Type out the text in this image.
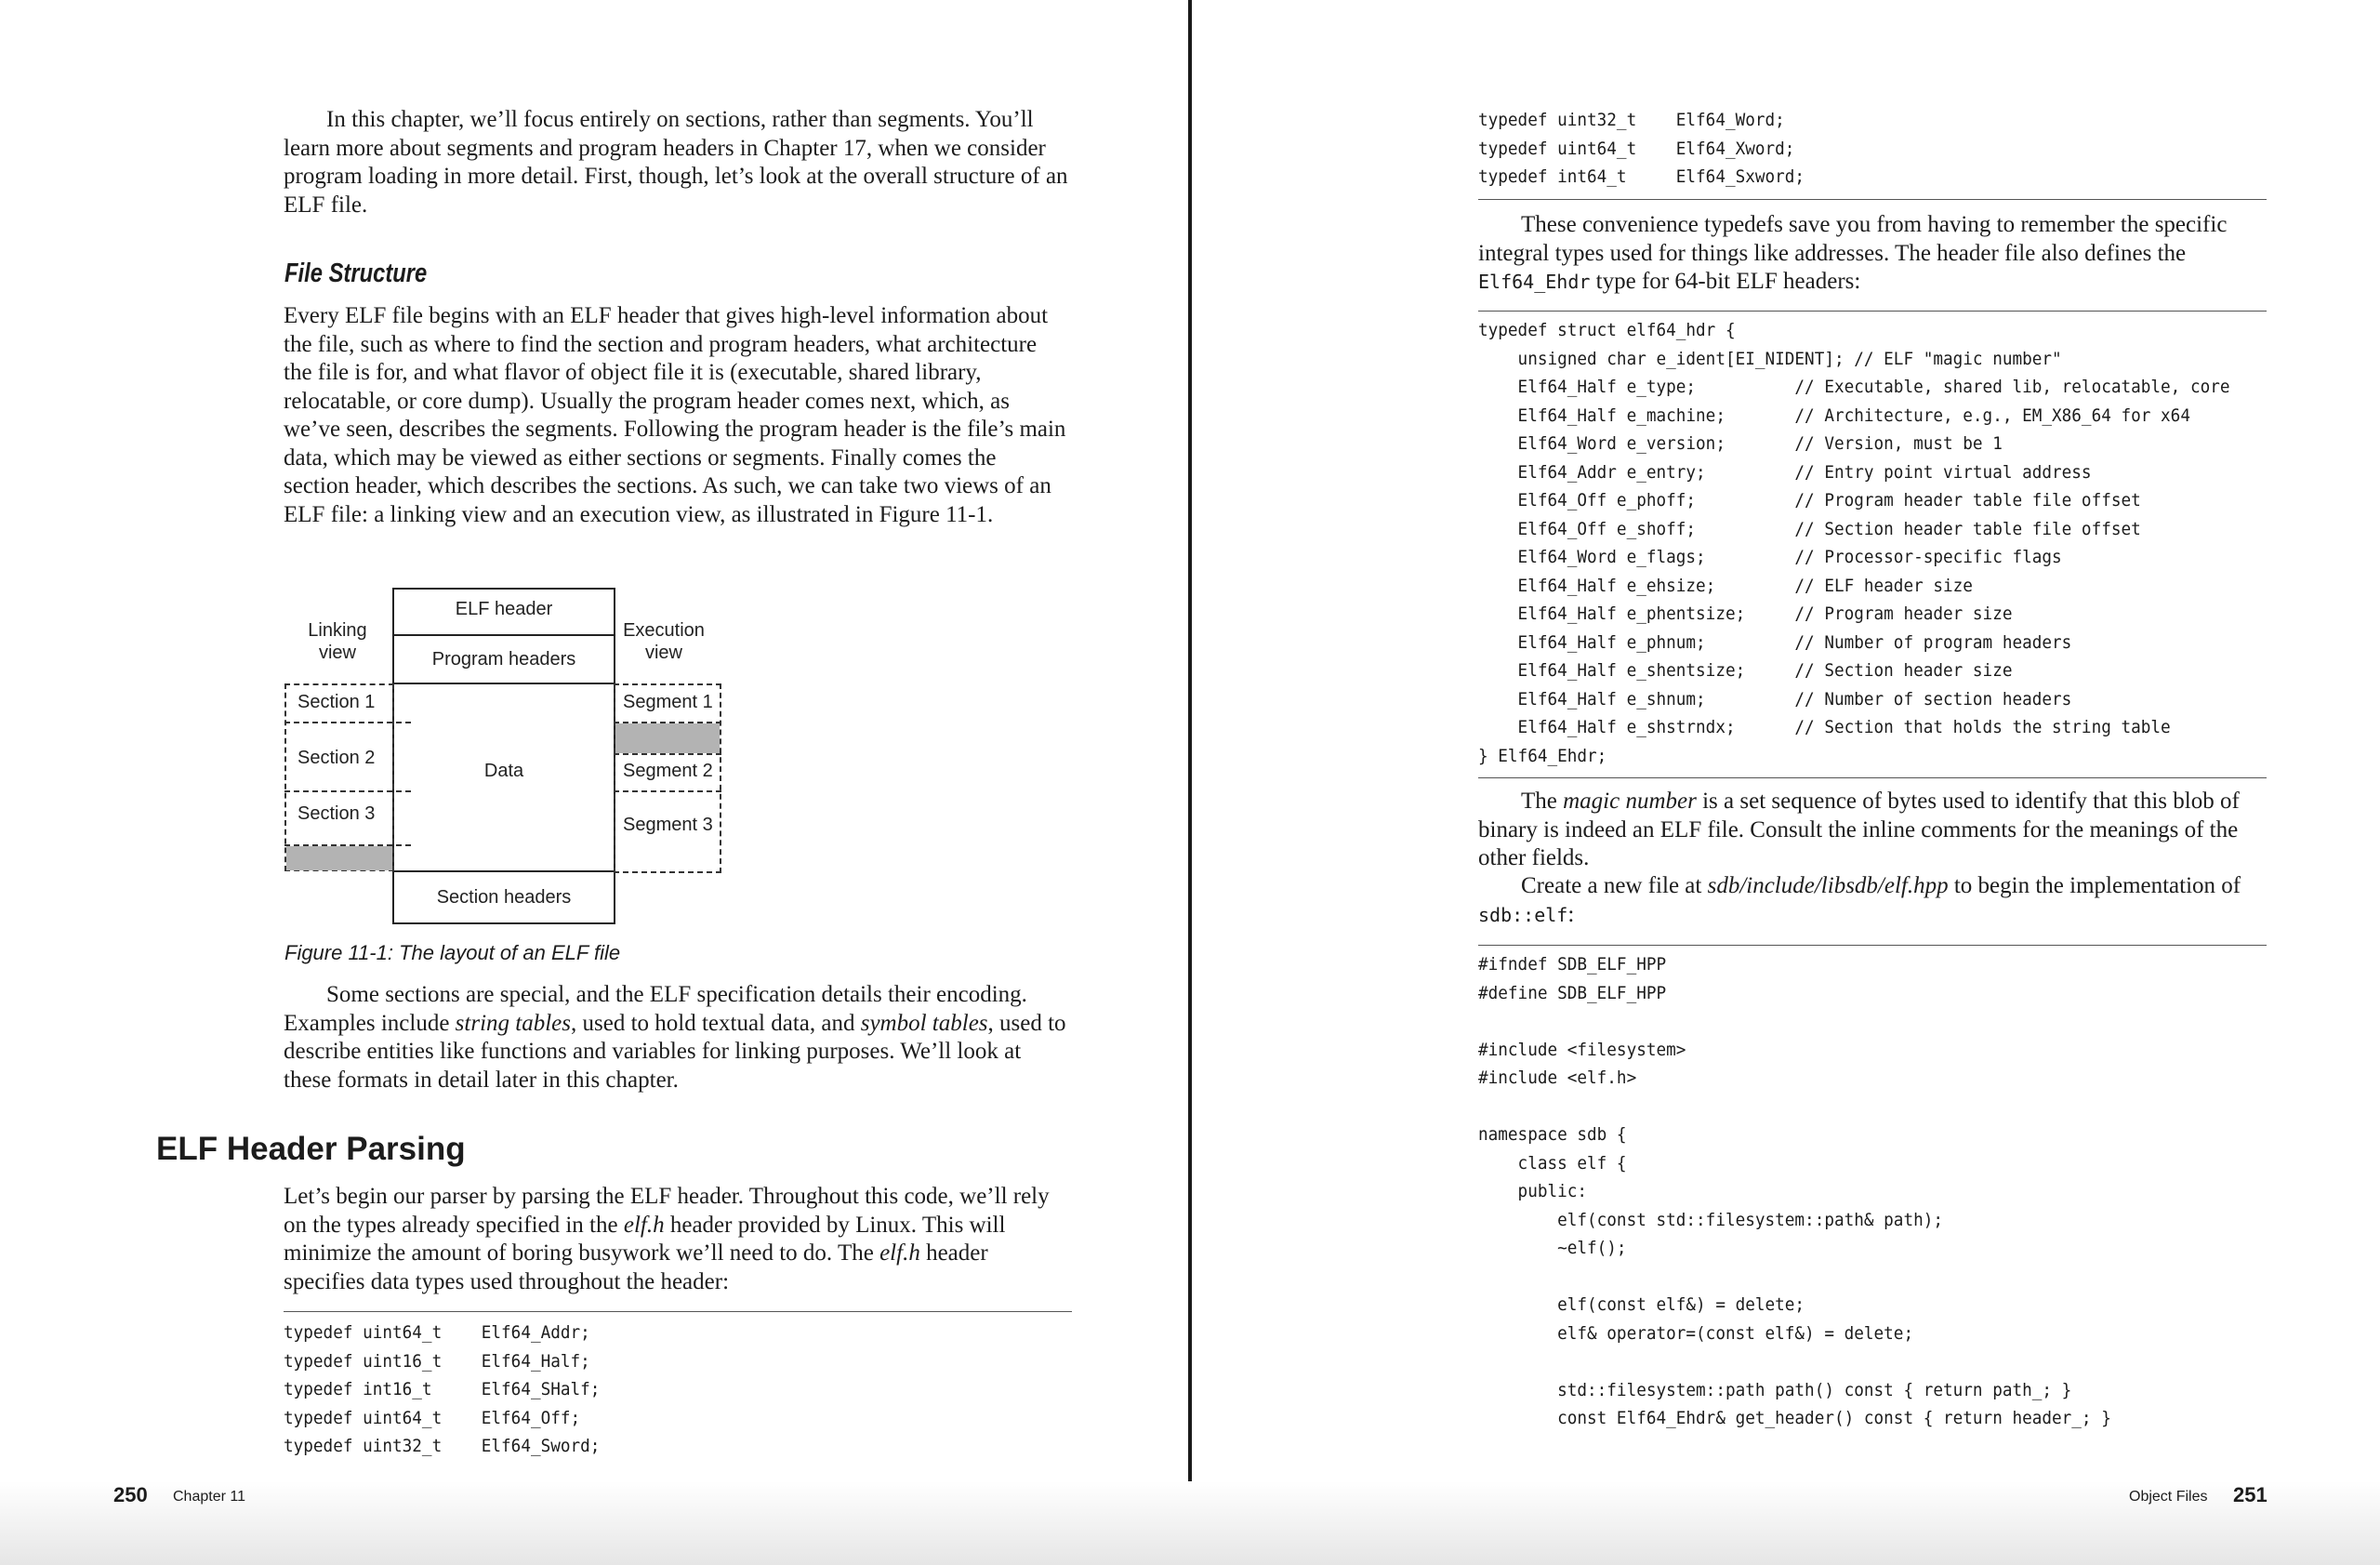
In this chapter, we’ll focus entirely on sections, rather than segments. You’ll learn more about segments and program headers in Chapter 17, when we consider program loading in more detail. First, though, let’s look at the overall structure of an ELF file.

File Structure

Every ELF file begins with an ELF header that gives high-level information about the file, such as where to find the section and program headers, what architecture the file is for, and what flavor of object file it is (executable, shared library, relocatable, or core dump). Usually the program header comes next, which, as we’ve seen, describes the segments. Following the program header is the file’s main data, which may be viewed as either sections or segments. Finally comes the section header, which describes the sections. As such, we can take two views of an ELF file: a linking view and an execution view, as illustrated in Figure 11-1.

Linking
view
Execution
view
ELF header
Program headers
Data
Section headers
Section 1
Section 2
Section 3
Segment 1
Segment 2
Segment 3
Figure 11-1: The layout of an ELF file

Some sections are special, and the ELF specification details their encoding. Examples include string tables, used to hold textual data, and symbol tables, used to describe entities like functions and variables for linking purposes. We’ll look at these formats in detail later in this chapter.

ELF Header Parsing

Let’s begin our parser by parsing the ELF header. Throughout this code, we’ll rely on the types already specified in the elf.h header provided by Linux. This will minimize the amount of boring busywork we’ll need to do. The elf.h header specifies data types used throughout the header:

typedef uint64_t    Elf64_Addr;
typedef uint16_t    Elf64_Half;
typedef int16_t     Elf64_SHalf;
typedef uint64_t    Elf64_Off;
typedef uint32_t    Elf64_Sword;
250 Chapter 11
typedef uint32_t    Elf64_Word;
typedef uint64_t    Elf64_Xword;
typedef int64_t     Elf64_Sxword;

These convenience typedefs save you from having to remember the specific integral types used for things like addresses. The header file also defines the Elf64_Ehdr type for 64-bit ELF headers:

typedef struct elf64_hdr {
unsigned char e_ident[EI_NIDENT]; // ELF "magic number"
Elf64_Half e_type;          // Executable, shared lib, relocatable, core
Elf64_Half e_machine;       // Architecture, e.g., EM_X86_64 for x64
Elf64_Word e_version;       // Version, must be 1
Elf64_Addr e_entry;         // Entry point virtual address
Elf64_Off e_phoff;          // Program header table file offset
Elf64_Off e_shoff;          // Section header table file offset
Elf64_Word e_flags;         // Processor-specific flags
Elf64_Half e_ehsize;        // ELF header size
Elf64_Half e_phentsize;     // Program header size
Elf64_Half e_phnum;         // Number of program headers
Elf64_Half e_shentsize;     // Section header size
Elf64_Half e_shnum;         // Number of section headers
Elf64_Half e_shstrndx;      // Section that holds the string table
} Elf64_Ehdr;

The magic number is a set sequence of bytes used to identify that this blob of binary is indeed an ELF file. Consult the inline comments for the meanings of the other fields.

Create a new file at sdb/include/libsdb/elf.hpp to begin the implementation of sdb::elf:

#ifndef SDB_ELF_HPP
#define SDB_ELF_HPP

#include <filesystem>
#include <elf.h>

namespace sdb {
class elf {
public:
elf(const std::filesystem::path& path);
~elf();

elf(const elf&) = delete;
elf& operator=(const elf&) = delete;

std::filesystem::path path() const { return path_; }
const Elf64_Ehdr& get_header() const { return header_; }
Object Files 251
